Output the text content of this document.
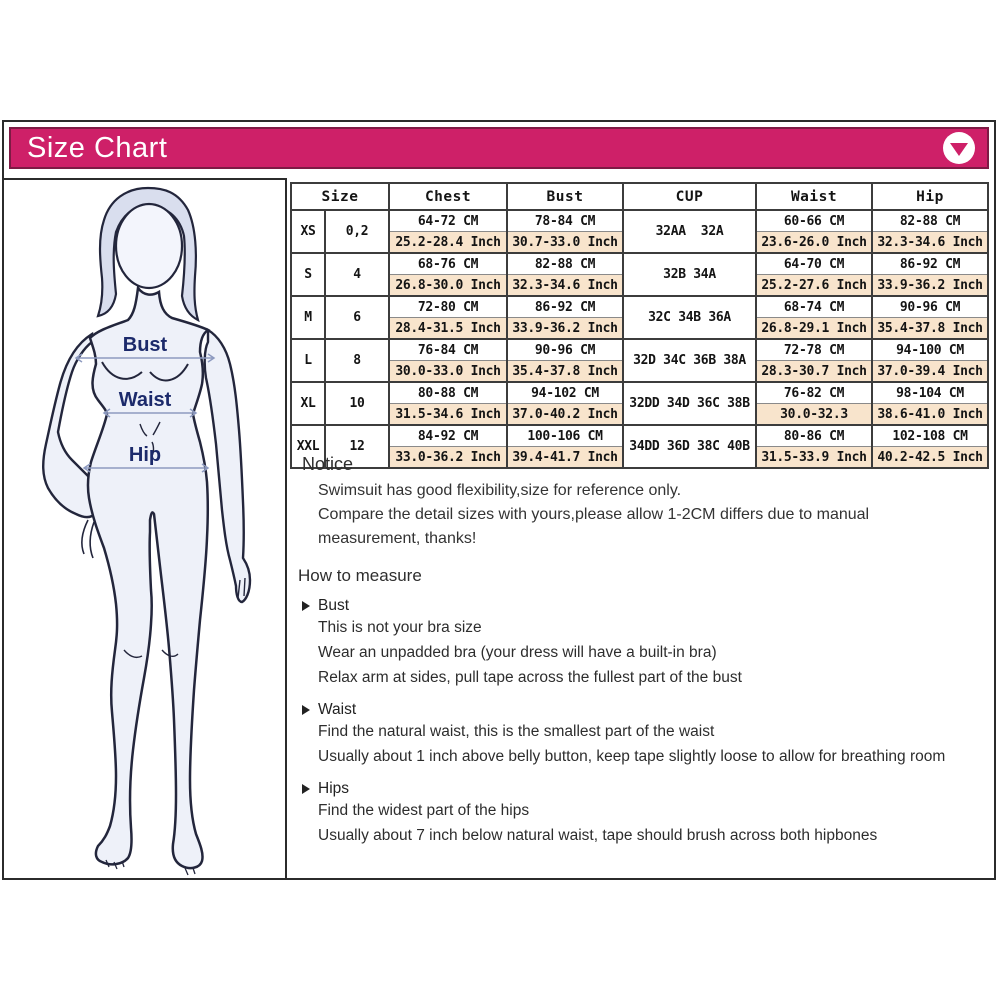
Size Chart
Bust
Waist
Hip
Size		Chest	Bust	CUP	Waist	Hip
XS	0,2	64-72 CM	78-84 CM	32AA  32A	60-66 CM	82-88 CM
		25.2-28.4 Inch	30.7-33.0 Inch		23.6-26.0 Inch	32.3-34.6 Inch
S	4	68-76 CM	82-88 CM	32B 34A	64-70 CM	86-92 CM
		26.8-30.0 Inch	32.3-34.6 Inch		25.2-27.6 Inch	33.9-36.2 Inch
M	6	72-80 CM	86-92 CM	32C 34B 36A	68-74 CM	90-96 CM
		28.4-31.5 Inch	33.9-36.2 Inch		26.8-29.1 Inch	35.4-37.8 Inch
L	8	76-84 CM	90-96 CM	32D 34C 36B 38A	72-78 CM	94-100 CM
		30.0-33.0 Inch	35.4-37.8 Inch		28.3-30.7 Inch	37.0-39.4 Inch
XL	10	80-88 CM	94-102 CM	32DD 34D 36C 38B	76-82 CM	98-104 CM
		31.5-34.6 Inch	37.0-40.2 Inch		30.0-32.3	38.6-41.0 Inch
XXL	12	84-92 CM	100-106 CM	34DD 36D 38C 40B	80-86 CM	102-108 CM
		33.0-36.2 Inch	39.4-41.7 Inch		31.5-33.9 Inch	40.2-42.5 Inch
Notice
Swimsuit has good flexibility,size for reference only.
Compare the detail sizes with yours,please allow 1-2CM differs due to manual
measurement, thanks!
How to measure
Bust
This is not your bra size
Wear an unpadded bra (your dress will have a built-in bra)
Relax arm at sides, pull tape across the fullest part of the bust
Waist
Find the natural waist, this is the smallest part of the waist
Usually about 1 inch above belly button, keep tape slightly loose to allow for breathing room
Hips
Find the widest part of the hips
Usually about 7 inch below natural waist, tape should brush across both hipbones
